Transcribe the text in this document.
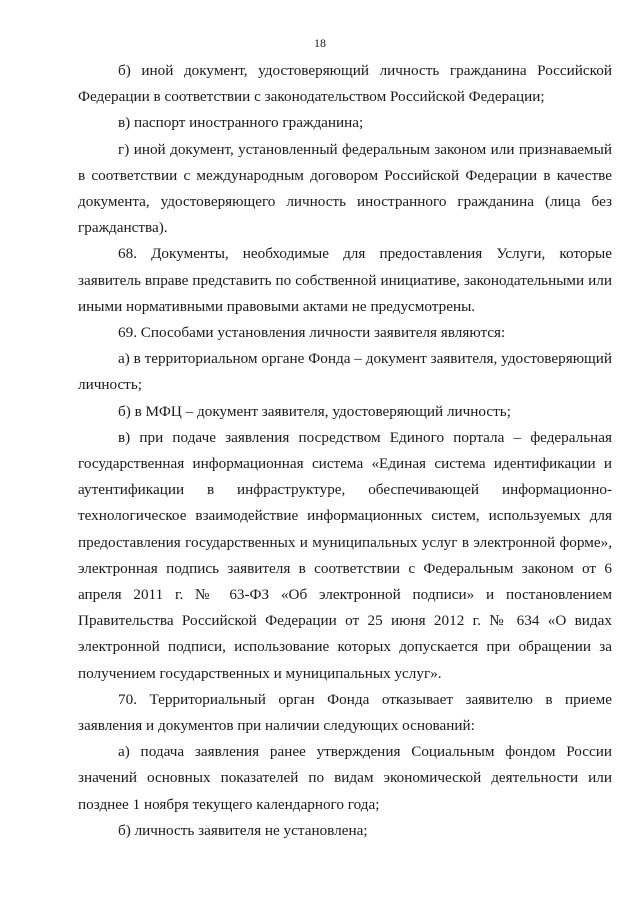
18

б) иной документ, удостоверяющий личность гражданина Российской Федерации в соответствии с законодательством Российской Федерации;

в) паспорт иностранного гражданина;

г) иной документ, установленный федеральным законом или признаваемый в соответствии с международным договором Российской Федерации в качестве документа, удостоверяющего личность иностранного гражданина (лица без гражданства).

68. Документы, необходимые для предоставления Услуги, которые заявитель вправе представить по собственной инициативе, законодательными или иными нормативными правовыми актами не предусмотрены.

69. Способами установления личности заявителя являются:

а) в территориальном органе Фонда – документ заявителя, удостоверяющий личность;

б) в МФЦ – документ заявителя, удостоверяющий личность;

в) при подаче заявления посредством Единого портала – федеральная государственная информационная система «Единая система идентификации и аутентификации в инфраструктуре, обеспечивающей информационно-технологическое взаимодействие информационных систем, используемых для предоставления государственных и муниципальных услуг в электронной форме», электронная подпись заявителя в соответствии с Федеральным законом от 6 апреля 2011 г. № 63-ФЗ «Об электронной подписи» и постановлением Правительства Российской Федерации от 25 июня 2012 г. № 634 «О видах электронной подписи, использование которых допускается при обращении за получением государственных и муниципальных услуг».

70. Территориальный орган Фонда отказывает заявителю в приеме заявления и документов при наличии следующих оснований:

а) подача заявления ранее утверждения Социальным фондом России значений основных показателей по видам экономической деятельности или позднее 1 ноября текущего календарного года;

б) личность заявителя не установлена;
